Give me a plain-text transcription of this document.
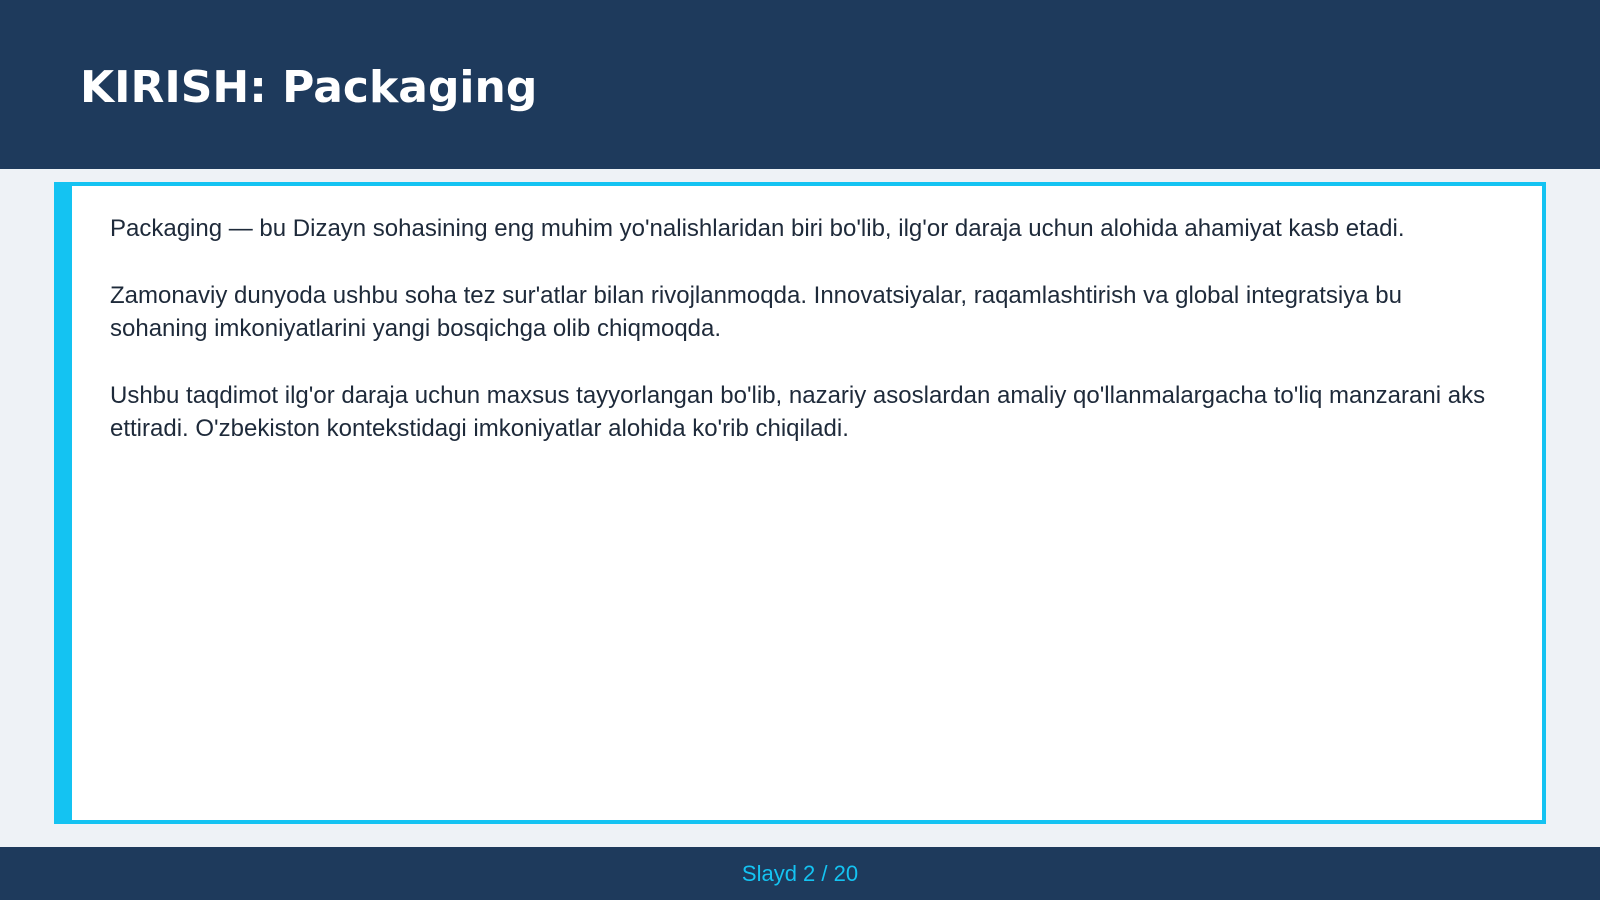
KIRISH: Packaging

Packaging — bu Dizayn sohasining eng muhim yo'nalishlaridan biri bo'lib, ilg'or daraja uchun alohida ahamiyat kasb etadi.

Zamonaviy dunyoda ushbu soha tez sur'atlar bilan rivojlanmoqda. Innovatsiyalar, raqamlashtirish va global integratsiya bu sohaning imkoniyatlarini yangi bosqichga olib chiqmoqda.

Ushbu taqdimot ilg'or daraja uchun maxsus tayyorlangan bo'lib, nazariy asoslardan amaliy qo'llanmalargacha to'liq manzarani aks ettiradi. O'zbekiston kontekstidagi imkoniyatlar alohida ko'rib chiqiladi.

Slayd 2 / 20
